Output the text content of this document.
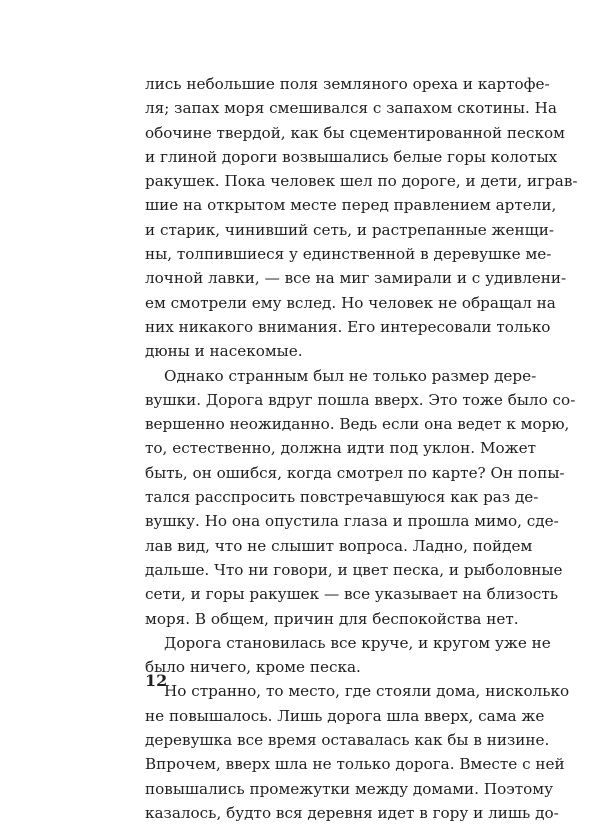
лись небольшие поля земляного ореха и картофе-
ля; запах моря смешивался с запахом скотины. На
обочине твердой, как бы сцементированной песком
и глиной дороги возвышались белые горы колотых
ракушек. Пока человек шел по дороге, и дети, играв-
шие на открытом месте перед правлением артели,
и старик, чинивший сеть, и растрепанные женщи-
ны, толпившиеся у единственной в деревушке ме-
лочной лавки, — все на миг замирали и с удивлени-
ем смотрели ему вслед. Но человек не обращал на
них никакого внимания. Его интересовали только
дюны и насекомые.
Однако странным был не только размер дере-
вушки. Дорога вдруг пошла вверх. Это тоже было со-
вершенно неожиданно. Ведь если она ведет к морю,
то, естественно, должна идти под уклон. Может
быть, он ошибся, когда смотрел по карте? Он попы-
тался расспросить повстречавшуюся как раз де-
вушку. Но она опустила глаза и прошла мимо, сде-
лав вид, что не слышит вопроса. Ладно, пойдем
дальше. Что ни говори, и цвет песка, и рыболовные
сети, и горы ракушек — все указывает на близость
моря. В общем, причин для беспокойства нет.
Дорога становилась все круче, и кругом уже не
было ничего, кроме песка.
Но странно, то место, где стояли дома, нисколько
не повышалось. Лишь дорога шла вверх, сама же
деревушка все время оставалась как бы в низине.
Впрочем, вверх шла не только дорога. Вместе с ней
повышались промежутки между домами. Поэтому
казалось, будто вся деревня идет в гору и лишь до-
12
